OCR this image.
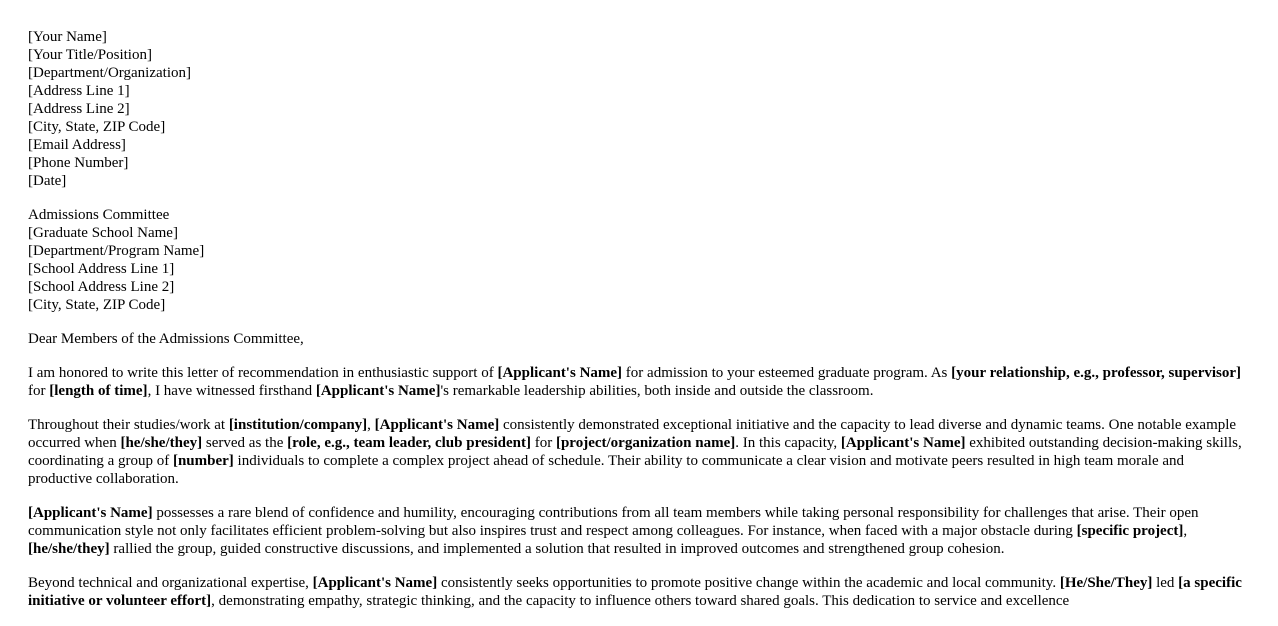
[Your Name]
[Your Title/Position]
[Department/Organization]
[Address Line 1]
[Address Line 2]
[City, State, ZIP Code]
[Email Address]
[Phone Number]
[Date]
Admissions Committee
[Graduate School Name]
[Department/Program Name]
[School Address Line 1]
[School Address Line 2]
[City, State, ZIP Code]

Dear Members of the Admissions Committee,

I am honored to write this letter of recommendation in enthusiastic support of [Applicant's Name] for admission to your esteemed graduate program. As [your relationship, e.g., professor, supervisor] for [length of time], I have witnessed firsthand [Applicant's Name]'s remarkable leadership abilities, both inside and outside the classroom.

Throughout their studies/work at [institution/company], [Applicant's Name] consistently demonstrated exceptional initiative and the capacity to lead diverse and dynamic teams. One notable example occurred when [he/she/they] served as the [role, e.g., team leader, club president] for [project/organization name]. In this capacity, [Applicant's Name] exhibited outstanding decision-making skills, coordinating a group of [number] individuals to complete a complex project ahead of schedule. Their ability to communicate a clear vision and motivate peers resulted in high team morale and productive collaboration.

[Applicant's Name] possesses a rare blend of confidence and humility, encouraging contributions from all team members while taking personal responsibility for challenges that arise. Their open communication style not only facilitates efficient problem-solving but also inspires trust and respect among colleagues. For instance, when faced with a major obstacle during [specific project], [he/she/they] rallied the group, guided constructive discussions, and implemented a solution that resulted in improved outcomes and strengthened group cohesion.

Beyond technical and organizational expertise, [Applicant's Name] consistently seeks opportunities to promote positive change within the academic and local community. [He/She/They] led [a specific initiative or volunteer effort], demonstrating empathy, strategic thinking, and the capacity to influence others toward shared goals. This dedication to service and excellence
